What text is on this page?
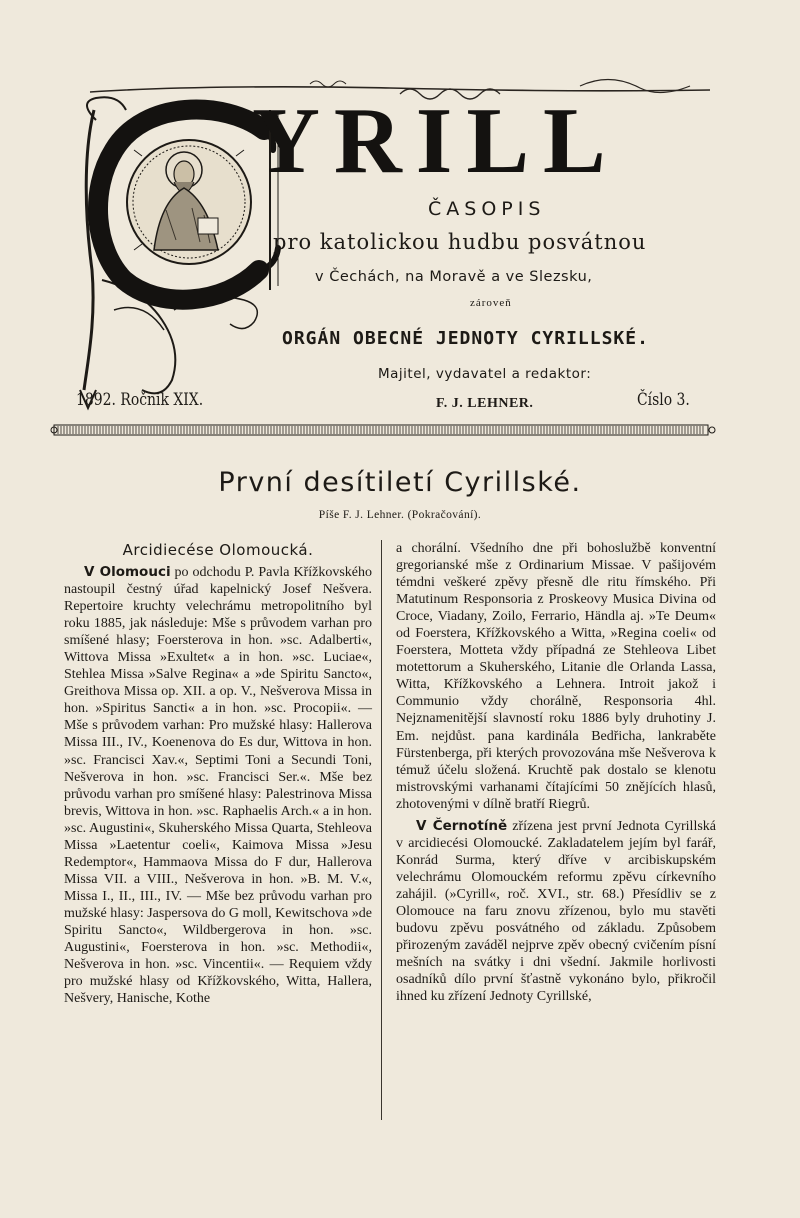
YRILL
ČASOPIS
pro katolickou hudbu posvátnou
v Čechách, na Moravě a ve Slezsku,
zároveň
ORGÁN OBECNÉ JEDNOTY CYRILLSKÉ.
Majitel, vydavatel a redaktor:
1892. Ročník XIX.	F. J. LEHNER.	Číslo 3.
První desítiletí Cyrillské.
Píše F. J. Lehner. (Pokračování).
Arcidiecése Olomoucká.

V Olomouci po odchodu P. Pavla Křížkovského nastoupil čestný úřad kapelnický Josef Nešvera. Repertoire kruchty velechrámu metropolitního byl roku 1885, jak následuje: Mše s průvodem varhan pro smíšené hlasy; Foersterova in hon. »sc. Adalberti«, Wittova Missa »Exultet« a in hon. »sc. Luciae«, Stehlea Missa »Salve Regina« a »de Spiritu Sancto«, Greithova Missa op. XII. a op. V., Nešverova Missa in hon. »Spiritus Sancti« a in hon. »sc. Procopii«. — Mše s průvodem varhan: Pro mužské hlasy: Hallerova Missa III., IV., Koenenova do Es dur, Wittova in hon. »sc. Francisci Xav.«, Septimi Toni a Secundi Toni, Nešverova in hon. »sc. Francisci Ser.«. Mše bez průvodu varhan pro smíšené hlasy: Palestrinova Missa brevis, Wittova in hon. »sc. Raphaelis Arch.« a in hon. »sc. Augustini«, Skuherského Missa Quarta, Stehleova Missa »Laetentur coeli«, Kaimova Missa »Jesu Redemptor«, Hammaova Missa do F dur, Hallerova Missa VII. a VIII., Nešverova in hon. »B. M. V.«, Missa I., II., III., IV. — Mše bez průvodu varhan pro mužské hlasy: Jaspersova do G moll, Kewitschova »de Spiritu Sancto«, Wildbergerova in hon. »sc. Augustini«, Foersterova in hon. »sc. Methodii«, Nešverova in hon. »sc. Vincentii«. — Requiem vždy pro mužské hlasy od Křížkovského, Witta, Hallera, Nešvery, Hanische, Kothe

a chorální. Všedního dne při bohoslužbě konventní gregorianské mše z Ordinarium Missae. V pašijovém témdni veškeré zpěvy přesně dle ritu římského. Při Matutinum Responsoria z Proskeovy Musica Divina od Croce, Viadany, Zoilo, Ferrario, Händla aj. »Te Deum« od Foerstera, Křížkovského a Witta, »Regina coeli« od Foerstera, Motteta vždy případná ze Stehleova Libet motettorum a Skuherského, Litanie dle Orlanda Lassa, Witta, Křížkovského a Lehnera. Introit jakož i Communio vždy chorálně, Responsoria 4hl. Nejznamenitější slavností roku 1886 byly druhotiny J. Em. nejdůst. pana kardinála Bedřicha, lankraběte Fürstenberga, při kterých provozována mše Nešverova k témuž účelu složená. Kruchtě pak dostalo se klenotu mistrovskými varhanami čítajícími 50 znějících hlasů, zhotovenými v dílně bratří Riegrů.

V Černotíně zřízena jest první Jednota Cyrillská v arcidiecési Olomoucké. Zakladatelem jejím byl farář, Konrád Surma, který dříve v arcibiskupském velechrámu Olomouckém reformu zpěvu církevního zahájil. (»Cyrill«, roč. XVI., str. 68.) Přesídliv se z Olomouce na faru znovu zřízenou, bylo mu stavěti budovu zpěvu posvátného od základu. Způsobem přirozeným zaváděl nejprve zpěv obecný cvičením písní mešních na svátky i dni všední. Jakmile horlivosti osadníků dílo první šťastně vykonáno bylo, přikročil ihned ku zřízení Jednoty Cyrillské,
